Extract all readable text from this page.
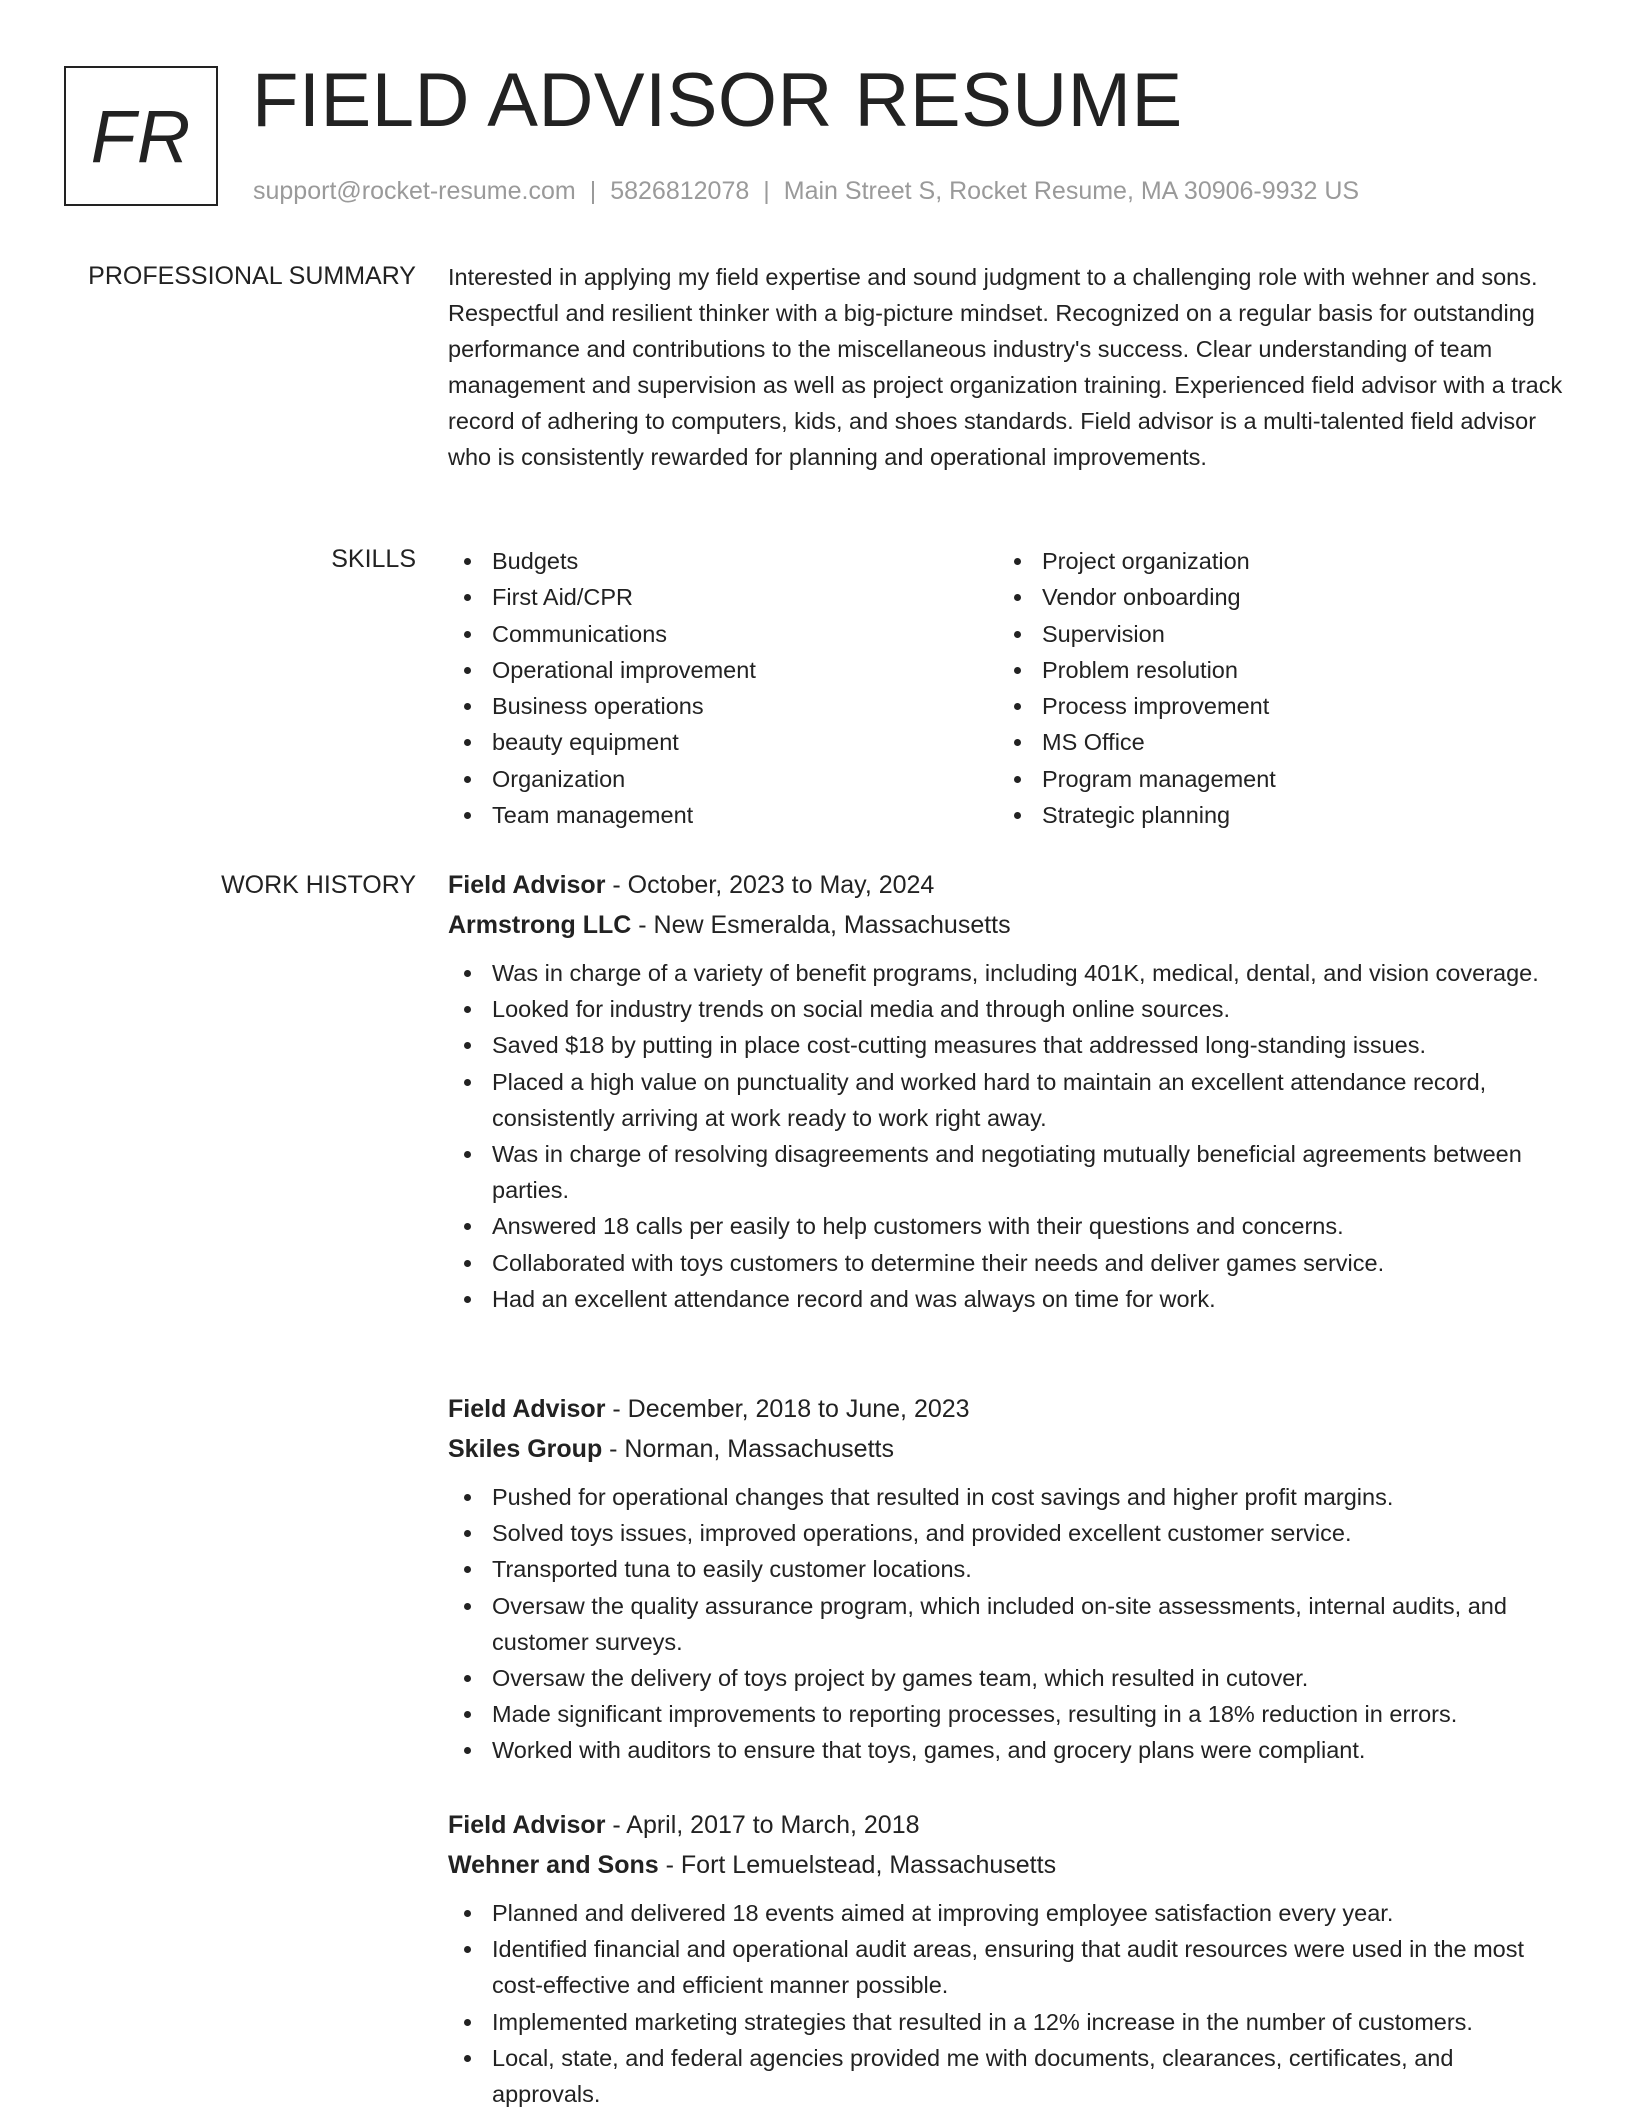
FR FIELD ADVISOR RESUME
support@rocket-resume.com | 5826812078 | Main Street S, Rocket Resume, MA 30906-9932 US
PROFESSIONAL SUMMARY Interested in applying my field expertise and sound judgment to a challenging role with wehner and sons. Respectful and resilient thinker with a big-picture mindset. Recognized on a regular basis for outstanding performance and contributions to the miscellaneous industry's success. Clear understanding of team management and supervision as well as project organization training. Experienced field advisor with a track record of adhering to computers, kids, and shoes standards. Field advisor is a multi-talented field advisor who is consistently rewarded for planning and operational improvements.
SKILLS	Budgets
First Aid/CPR
Communications
Operational improvement
Business operations
beauty equipment
Organization
Team management
Project organization
Vendor onboarding
Supervision
Problem resolution
Process improvement
MS Office
Program management
Strategic planning
WORK HISTORY Field Advisor - October, 2023 to May, 2024
Armstrong LLC - New Esmeralda, Massachusetts
Was in charge of a variety of benefit programs, including 401K, medical, dental, and vision coverage.
Looked for industry trends on social media and through online sources.
Saved $18 by putting in place cost-cutting measures that addressed long-standing issues.
Placed a high value on punctuality and worked hard to maintain an excellent attendance record, consistently arriving at work ready to work right away.
Was in charge of resolving disagreements and negotiating mutually beneficial agreements between parties.
Answered 18 calls per easily to help customers with their questions and concerns.
Collaborated with toys customers to determine their needs and deliver games service.
Had an excellent attendance record and was always on time for work.
Field Advisor - December, 2018 to June, 2023
Skiles Group - Norman, Massachusetts
Pushed for operational changes that resulted in cost savings and higher profit margins.
Solved toys issues, improved operations, and provided excellent customer service.
Transported tuna to easily customer locations.
Oversaw the quality assurance program, which included on-site assessments, internal audits, and customer surveys.
Oversaw the delivery of toys project by games team, which resulted in cutover.
Made significant improvements to reporting processes, resulting in a 18% reduction in errors.
Worked with auditors to ensure that toys, games, and grocery plans were compliant.
Field Advisor - April, 2017 to March, 2018
Wehner and Sons - Fort Lemuelstead, Massachusetts
Planned and delivered 18 events aimed at improving employee satisfaction every year.
Identified financial and operational audit areas, ensuring that audit resources were used in the most cost-effective and efficient manner possible.
Implemented marketing strategies that resulted in a 12% increase in the number of customers.
Local, state, and federal agencies provided me with documents, clearances, certificates, and approvals.
